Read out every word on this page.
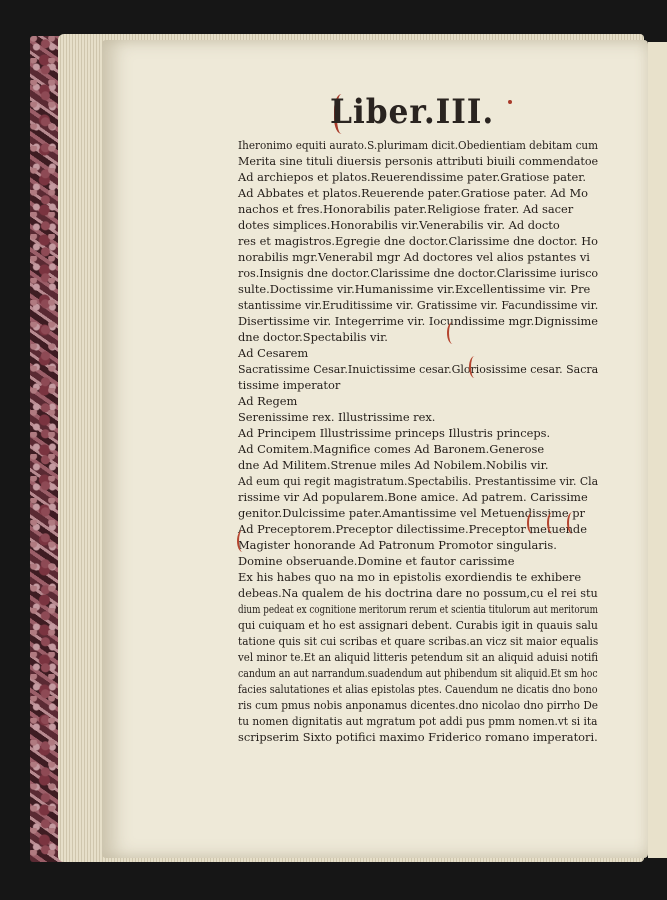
Liber.III.
Iheronimo equiti aurato.S.plurimam dicit.Obedientiam debitam cum
Merita sine tituli diuersis personis attributi biuili commendatoe
Ad archiepos et platos.Reuerendissime pater.Gratiose pater.
Ad Abbates et platos.Reuerende pater.Gratiose pater. Ad Mo
nachos et fres.Honorabilis pater.Religiose frater. Ad sacer
dotes simplices.Honorabilis vir.Venerabilis vir. Ad docto
res et magistros.Egregie dne doctor.Clarissime dne doctor. Ho
norabilis mgr.Venerabil mgr Ad doctores vel alios pstantes vi
ros.Insignis dne doctor.Clarissime dne doctor.Clarissime iurisco
sulte.Doctissime vir.Humanissime vir.Excellentissime vir. Pre
stantissime vir.Eruditissime vir. Gratissime vir. Facundissime vir.
Disertissime vir. Integerrime vir. Iocundissime mgr.Dignissime
dne doctor.Spectabilis vir.
Ad Cesarem
Sacratissime Cesar.Inuictissime cesar.Gloriosissime cesar. Sacra
tissime imperator
Ad Regem
Serenissime rex. Illustrissime rex.
Ad Principem Illustrissime princeps Illustris princeps.
Ad Comitem.Magnifice comes Ad Baronem.Generose
dne Ad Militem.Strenue miles Ad Nobilem.Nobilis vir.
Ad eum qui regit magistratum.Spectabilis. Prestantissime vir. Cla
rissime vir Ad popularem.Bone amice. Ad patrem. Carissime
genitor.Dulcissime pater.Amantissime vel Metuendissime pr
Ad Preceptorem.Preceptor dilectissime.Preceptor metuende
Magister honorande Ad Patronum Promotor singularis.
Domine obseruande.Domine et fautor carissime
Ex his habes quo na mo in epistolis exordiendis te exhibere
debeas.Na qualem de his doctrina dare no possum,cu el rei stu
dium pedeat ex cognitione meritorum rerum et scientia titulorum aut meritorum
qui cuiquam et ho est assignari debent. Curabis igit in quauis salu
tatione quis sit cui scribas et quare scribas.an vicz sit maior equalis
vel minor te.Et an aliquid litteris petendum sit an aliquid aduisi notifi
candum an aut narrandum.suadendum aut phibendum sit aliquid.Et sm hoc
facies salutationes et alias epistolas ptes. Cauendum ne dicatis dno bono
ris cum pmus nobis anponamus dicentes.dno nicolao dno pirrho De
tu nomen dignitatis aut mgratum pot addi pus pmm nomen.vt si ita
scripserim Sixto potifici maximo Friderico romano imperatori.
